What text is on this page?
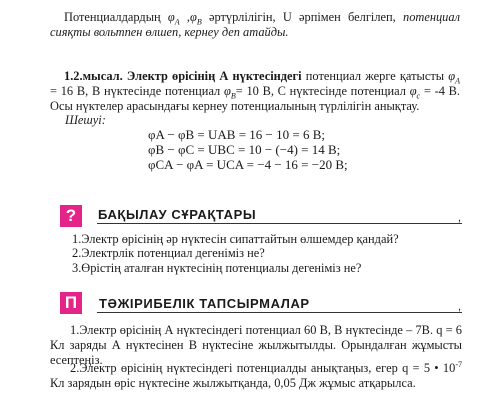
Потенциалдардың $\varphi_A$ $,\varphi_B$ әртүрлілігін, U әрпімен белгілеп, потенциал сияқты вольтпен өлшеп, кернеу деп атайды.
1.2.мысал. Электр өрісінің А нүктесіндегі потенциал жерге қатысты $\varphi_A = 16$ В, В нүктесінде потенциал $\varphi_B= 10$ В, С нүктесінде потенциал $\varphi_c = -4$ В. Осы нүктелер арасындағы кернеу потенциалының түрлілігін анықтау.
Шешуі:
φA − φB = UAB = 16 − 10 = 6 В;
φB − φC = UBC = 10 − (−4) = 14 В;
φCA − φA = UCA = −4 − 16 = −20 В;
?	БАҚЫЛАУ СҰРАҚТАРЫ	,
1.Электр өрісінің әр нүктесін сипаттайтын өлшемдер қандай?
2.Электрлік потенциал дегеніміз не?
3.Өрістің аталған нүктесінің потенциалы дегеніміз не?
П	ТӘЖІРИБЕЛІК ТАПСЫРМАЛАР	,
1.Электр өрісінің А нүктесіндегі потенциал 60 В, В нүктесінде – 7В. q = 6 Кл заряды А нүктесінен В нүктесіне жылжытылды. Орындалған жұмысты есептеңіз.
2.Электр өрісінің нүктесіндегі потенциалды анықтаңыз, егер q = 5 • $10^{-7}$ Кл зарядын өріс нүктесіне жылжытқанда, 0,05 Дж жұмыс атқарылса.
